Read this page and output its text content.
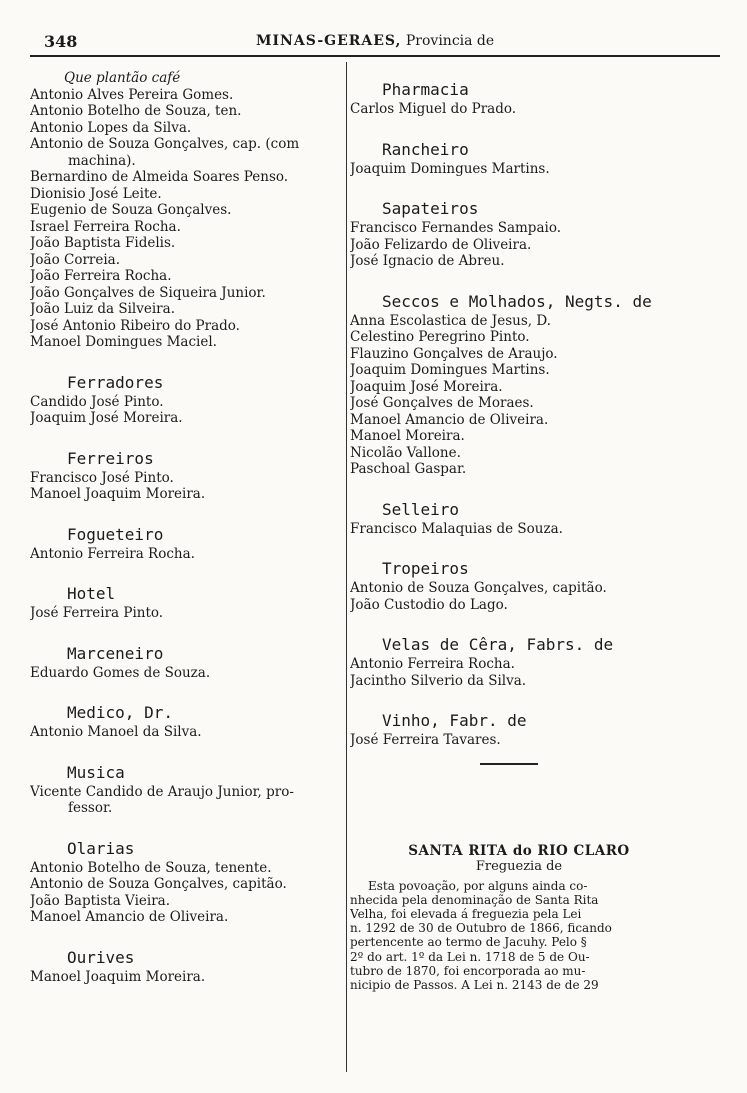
348	MINAS-GERAES, Provincia de
Que plantão café
Antonio Alves Pereira Gomes.
Antonio Botelho de Souza, ten.
Antonio Lopes da Silva.
Antonio de Souza Gonçalves, cap. (com
machina).
Bernardino de Almeida Soares Penso.
Dionisio José Leite.
Eugenio de Souza Gonçalves.
Israel Ferreira Rocha.
João Baptista Fidelis.
João Correia.
João Ferreira Rocha.
João Gonçalves de Siqueira Junior.
João Luiz da Silveira.
José Antonio Ribeiro do Prado.
Manoel Domingues Maciel.
Ferradores
Candido José Pinto.
Joaquim José Moreira.
Ferreiros
Francisco José Pinto.
Manoel Joaquim Moreira.
Fogueteiro
Antonio Ferreira Rocha.
Hotel
José Ferreira Pinto.
Marceneiro
Eduardo Gomes de Souza.
Medico, Dr.
Antonio Manoel da Silva.
Musica
Vicente Candido de Araujo Junior, pro-
fessor.
Olarias
Antonio Botelho de Souza, tenente.
Antonio de Souza Gonçalves, capitão.
João Baptista Vieira.
Manoel Amancio de Oliveira.
Ourives
Manoel Joaquim Moreira.
Pharmacia
Carlos Miguel do Prado.
Rancheiro
Joaquim Domingues Martins.
Sapateiros
Francisco Fernandes Sampaio.
João Felizardo de Oliveira.
José Ignacio de Abreu.
Seccos e Molhados, Negts. de
Anna Escolastica de Jesus, D.
Celestino Peregrino Pinto.
Flauzino Gonçalves de Araujo.
Joaquim Domingues Martins.
Joaquim José Moreira.
José Gonçalves de Moraes.
Manoel Amancio de Oliveira.
Manoel Moreira.
Nicolão Vallone.
Paschoal Gaspar.
Selleiro
Francisco Malaquias de Souza.
Tropeiros
Antonio de Souza Gonçalves, capitão.
João Custodio do Lago.
Velas de Cêra, Fabrs. de
Antonio Ferreira Rocha.
Jacintho Silverio da Silva.
Vinho, Fabr. de
José Ferreira Tavares.
SANTA RITA do RIO CLARO
Freguezia de
Esta povoação, por alguns ainda co-
nhecida pela denominação de Santa Rita
Velha, foi elevada á freguezia pela Lei
n. 1292 de 30 de Outubro de 1866, ficando
pertencente ao termo de Jacuhy. Pelo §
2º do art. 1º da Lei n. 1718 de 5 de Ou-
tubro de 1870, foi encorporada ao mu-
nicipio de Passos. A Lei n. 2143 de de 29
